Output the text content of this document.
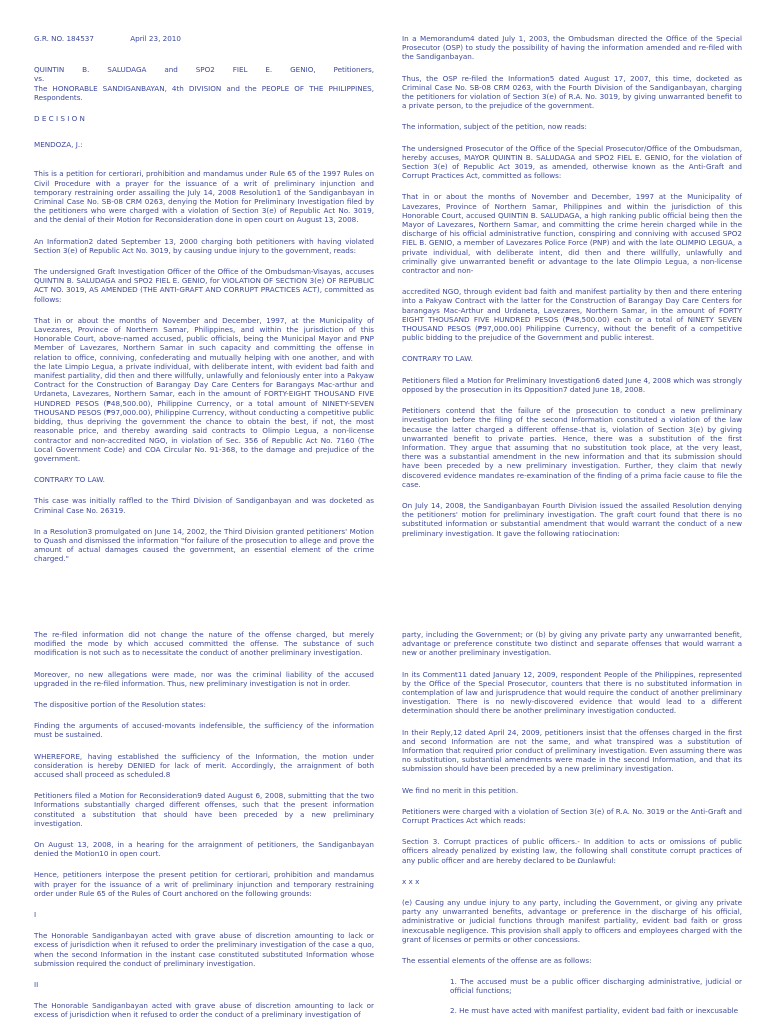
G.R. NO. 184537	April 23, 2010

QUINTIN B. SALUDAGA and SPO2 FIEL E. GENIO, Petitioners,

vs.

The HONORABLE SANDIGANBAYAN, 4th DIVISION and the PEOPLE OF THE PHILIPPINES, Respondents.

D E C I S I O N

MENDOZA, J.:

This is a petition for certiorari, prohibition and mandamus under Rule 65 of the 1997 Rules on Civil Procedure with a prayer for the issuance of a writ of preliminary injunction and temporary restraining order assailing the July 14, 2008 Resolution1 of the Sandiganbayan in Criminal Case No. SB-08 CRM 0263, denying the Motion for Preliminary Investigation filed by the petitioners who were charged with a violation of Section 3(e) of Republic Act No. 3019, and the denial of their Motion for Reconsideration done in open court on August 13, 2008.

An Information2 dated September 13, 2000 charging both petitioners with having violated Section 3(e) of Republic Act No. 3019, by causing undue injury to the government, reads:

The undersigned Graft Investigation Officer of the Office of the Ombudsman-Visayas, accuses QUINTIN B. SALUDAGA and SPO2 FIEL E. GENIO, for VIOLATION OF SECTION 3(e) OF REPUBLIC ACT NO. 3019, AS AMENDED (THE ANTI-GRAFT AND CORRUPT PRACTICES ACT), committed as follows:

That in or about the months of November and December, 1997, at the Municipality of Lavezares, Province of Northern Samar, Philippines, and within the jurisdiction of this Honorable Court, above-named accused, public officials, being the Municipal Mayor and PNP Member of Lavezares, Northern Samar in such capacity and committing the offense in relation to office, conniving, confederating and mutually helping with one another, and with the late Limpio Legua, a private individual, with deliberate intent, with evident bad faith and manifest partiality, did then and there willfully, unlawfully and feloniously enter into a Pakyaw Contract for the Construction of Barangay Day Care Centers for Barangays Mac-arthur and Urdaneta, Lavezares, Northern Samar, each in the amount of FORTY-EIGHT THOUSAND FIVE HUNDRED PESOS (₱48,500.00), Philippine Currency, or a total amount of NINETY-SEVEN THOUSAND PESOS (₱97,000.00), Philippine Currency, without conducting a competitive public bidding, thus depriving the government the chance to obtain the best, if not, the most reasonable price, and thereby awarding said contracts to Olimpio Legua, a non-license contractor and non-accredited NGO, in violation of Sec. 356 of Republic Act No. 7160 (The Local Government Code) and COA Circular No. 91-368, to the damage and prejudice of the government.

CONTRARY TO LAW.

This case was initially raffled to the Third Division of Sandiganbayan and was docketed as Criminal Case No. 26319.

In a Resolution3 promulgated on June 14, 2002, the Third Division granted petitioners' Motion to Quash and dismissed the information "for failure of the prosecution to allege and prove the amount of actual damages caused the government, an essential element of the crime charged."

In a Memorandum4 dated July 1, 2003, the Ombudsman directed the Office of the Special Prosecutor (OSP) to study the possibility of having the information amended and re-filed with the Sandiganbayan.

Thus, the OSP re-filed the Information5 dated August 17, 2007, this time, docketed as Criminal Case No. SB-08 CRM 0263, with the Fourth Division of the Sandiganbayan, charging the petitioners for violation of Section 3(e) of R.A. No. 3019, by giving unwarranted benefit to a private person, to the prejudice of the government.

The information, subject of the petition, now reads:

The undersigned Prosecutor of the Office of the Special Prosecutor/Office of the Ombudsman, hereby accuses, MAYOR QUINTIN B. SALUDAGA and SPO2 FIEL E. GENIO, for the violation of Section 3(e) of Republic Act 3019, as amended, otherwise known as the Anti-Graft and Corrupt Practices Act, committed as follows:

That in or about the months of November and December, 1997 at the Municipality of Lavezares, Province of Northern Samar, Philippines and within the jurisdiction of this Honorable Court, accused QUINTIN B. SALUDAGA, a high ranking public official being then the Mayor of Lavezares, Northern Samar, and committing the crime herein charged while in the discharge of his official administrative function, conspiring and conniving with accused SPO2 FIEL B. GENIO, a member of Lavezares Police Force (PNP) and with the late OLIMPIO LEGUA, a private individual, with deliberate intent, did then and there willfully, unlawfully and criminally give unwarranted benefit or advantage to the late Olimpio Legua, a non-license contractor and non-

accredited NGO, through evident bad faith and manifest partiality by then and there entering into a Pakyaw Contract with the latter for the Construction of Barangay Day Care Centers for barangays Mac-Arthur and Urdaneta, Lavezares, Northern Samar, in the amount of FORTY EIGHT THOUSAND FIVE HUNDRED PESOS (₱48,500.00) each or a total of NINETY SEVEN THOUSAND PESOS (₱97,000.00) Philippine Currency, without the benefit of a competitive public bidding to the prejudice of the Government and public interest.

CONTRARY TO LAW.

Petitioners filed a Motion for Preliminary Investigation6 dated June 4, 2008 which was strongly opposed by the prosecution in its Opposition7 dated June 18, 2008.

Petitioners contend that the failure of the prosecution to conduct a new preliminary investigation before the filing of the second Information constituted a violation of the law because the latter charged a different offense–that is, violation of Section 3(e) by giving unwarranted benefit to private parties. Hence, there was a substitution of the first Information. They argue that assuming that no substitution took place, at the very least, there was a substantial amendment in the new information and that its submission should have been preceded by a new preliminary investigation. Further, they claim that newly discovered evidence mandates re-examination of the finding of a prima facie cause to file the case.

On July 14, 2008, the Sandiganbayan Fourth Division issued the assailed Resolution denying the petitioners' motion for preliminary investigation. The graft court found that there is no substituted information or substantial amendment that would warrant the conduct of a new preliminary investigation. It gave the following ratiocination:

The re-filed information did not change the nature of the offense charged, but merely modified the mode by which accused committed the offense. The substance of such modification is not such as to necessitate the conduct of another preliminary investigation.

Moreover, no new allegations were made, nor was the criminal liability of the accused upgraded in the re-filed information. Thus, new preliminary investigation is not in order.

The dispositive portion of the Resolution states:

Finding the arguments of accused-movants indefensible, the sufficiency of the information must be sustained.

WHEREFORE, having established the sufficiency of the Information, the motion under consideration is hereby DENIED for lack of merit. Accordingly, the arraignment of both accused shall proceed as scheduled.8

Petitioners filed a Motion for Reconsideration9 dated August 6, 2008, submitting that the two Informations substantially charged different offenses, such that the present information constituted a substitution that should have been preceded by a new preliminary investigation.

On August 13, 2008, in a hearing for the arraignment of petitioners, the Sandiganbayan denied the Motion10 in open court.

Hence, petitioners interpose the present petition for certiorari, prohibition and mandamus with prayer for the issuance of a writ of preliminary injunction and temporary restraining order under Rule 65 of the Rules of Court anchored on the following grounds:

I

The Honorable Sandiganbayan acted with grave abuse of discretion amounting to lack or excess of jurisdiction when it refused to order the preliminary investigation of the case a quo, when the second Information in the instant case constituted substituted Information whose submission required the conduct of preliminary investigation.

II

The Honorable Sandiganbayan acted with grave abuse of discretion amounting to lack or excess of jurisdiction when it refused to order the conduct of a preliminary investigation of

party, including the Government; or (b) by giving any private party any unwarranted benefit, advantage or preference constitute two distinct and separate offenses that would warrant a new or another preliminary investigation.

In its Comment11 dated January 12, 2009, respondent People of the Philippines, represented by the Office of the Special Prosecutor, counters that there is no substituted information in contemplation of law and jurisprudence that would require the conduct of another preliminary investigation. There is no newly-discovered evidence that would lead to a different determination should there be another preliminary investigation conducted.

In their Reply,12 dated April 24, 2009, petitioners insist that the offenses charged in the first and second Information are not the same, and what transpired was a substitution of Information that required prior conduct of preliminary investigation. Even assuming there was no substitution, substantial amendments were made in the second Information, and that its submission should have been preceded by a new preliminary investigation.

We find no merit in this petition.

Petitioners were charged with a violation of Section 3(e) of R.A. No. 3019 or the Anti-Graft and Corrupt Practices Act which reads:

Section 3. Corrupt practices of public officers.- In addition to acts or omissions of public officers already penalized by existing law, the following shall constitute corrupt practices of any public officer and are hereby declared to be Ωunlawful:

x x x

(e) Causing any undue injury to any party, including the Government, or giving any private party any unwarranted benefits, advantage or preference in the discharge of his official, administrative or judicial functions through manifest partiality, evident bad faith or gross inexcusable negligence. This provision shall apply to officers and employees charged with the grant of licenses or permits or other concessions.

The essential elements of the offense are as follows:

1. The accused must be a public officer discharging administrative, judicial or official functions;

2. He must have acted with manifest partiality, evident bad faith or inexcusable
